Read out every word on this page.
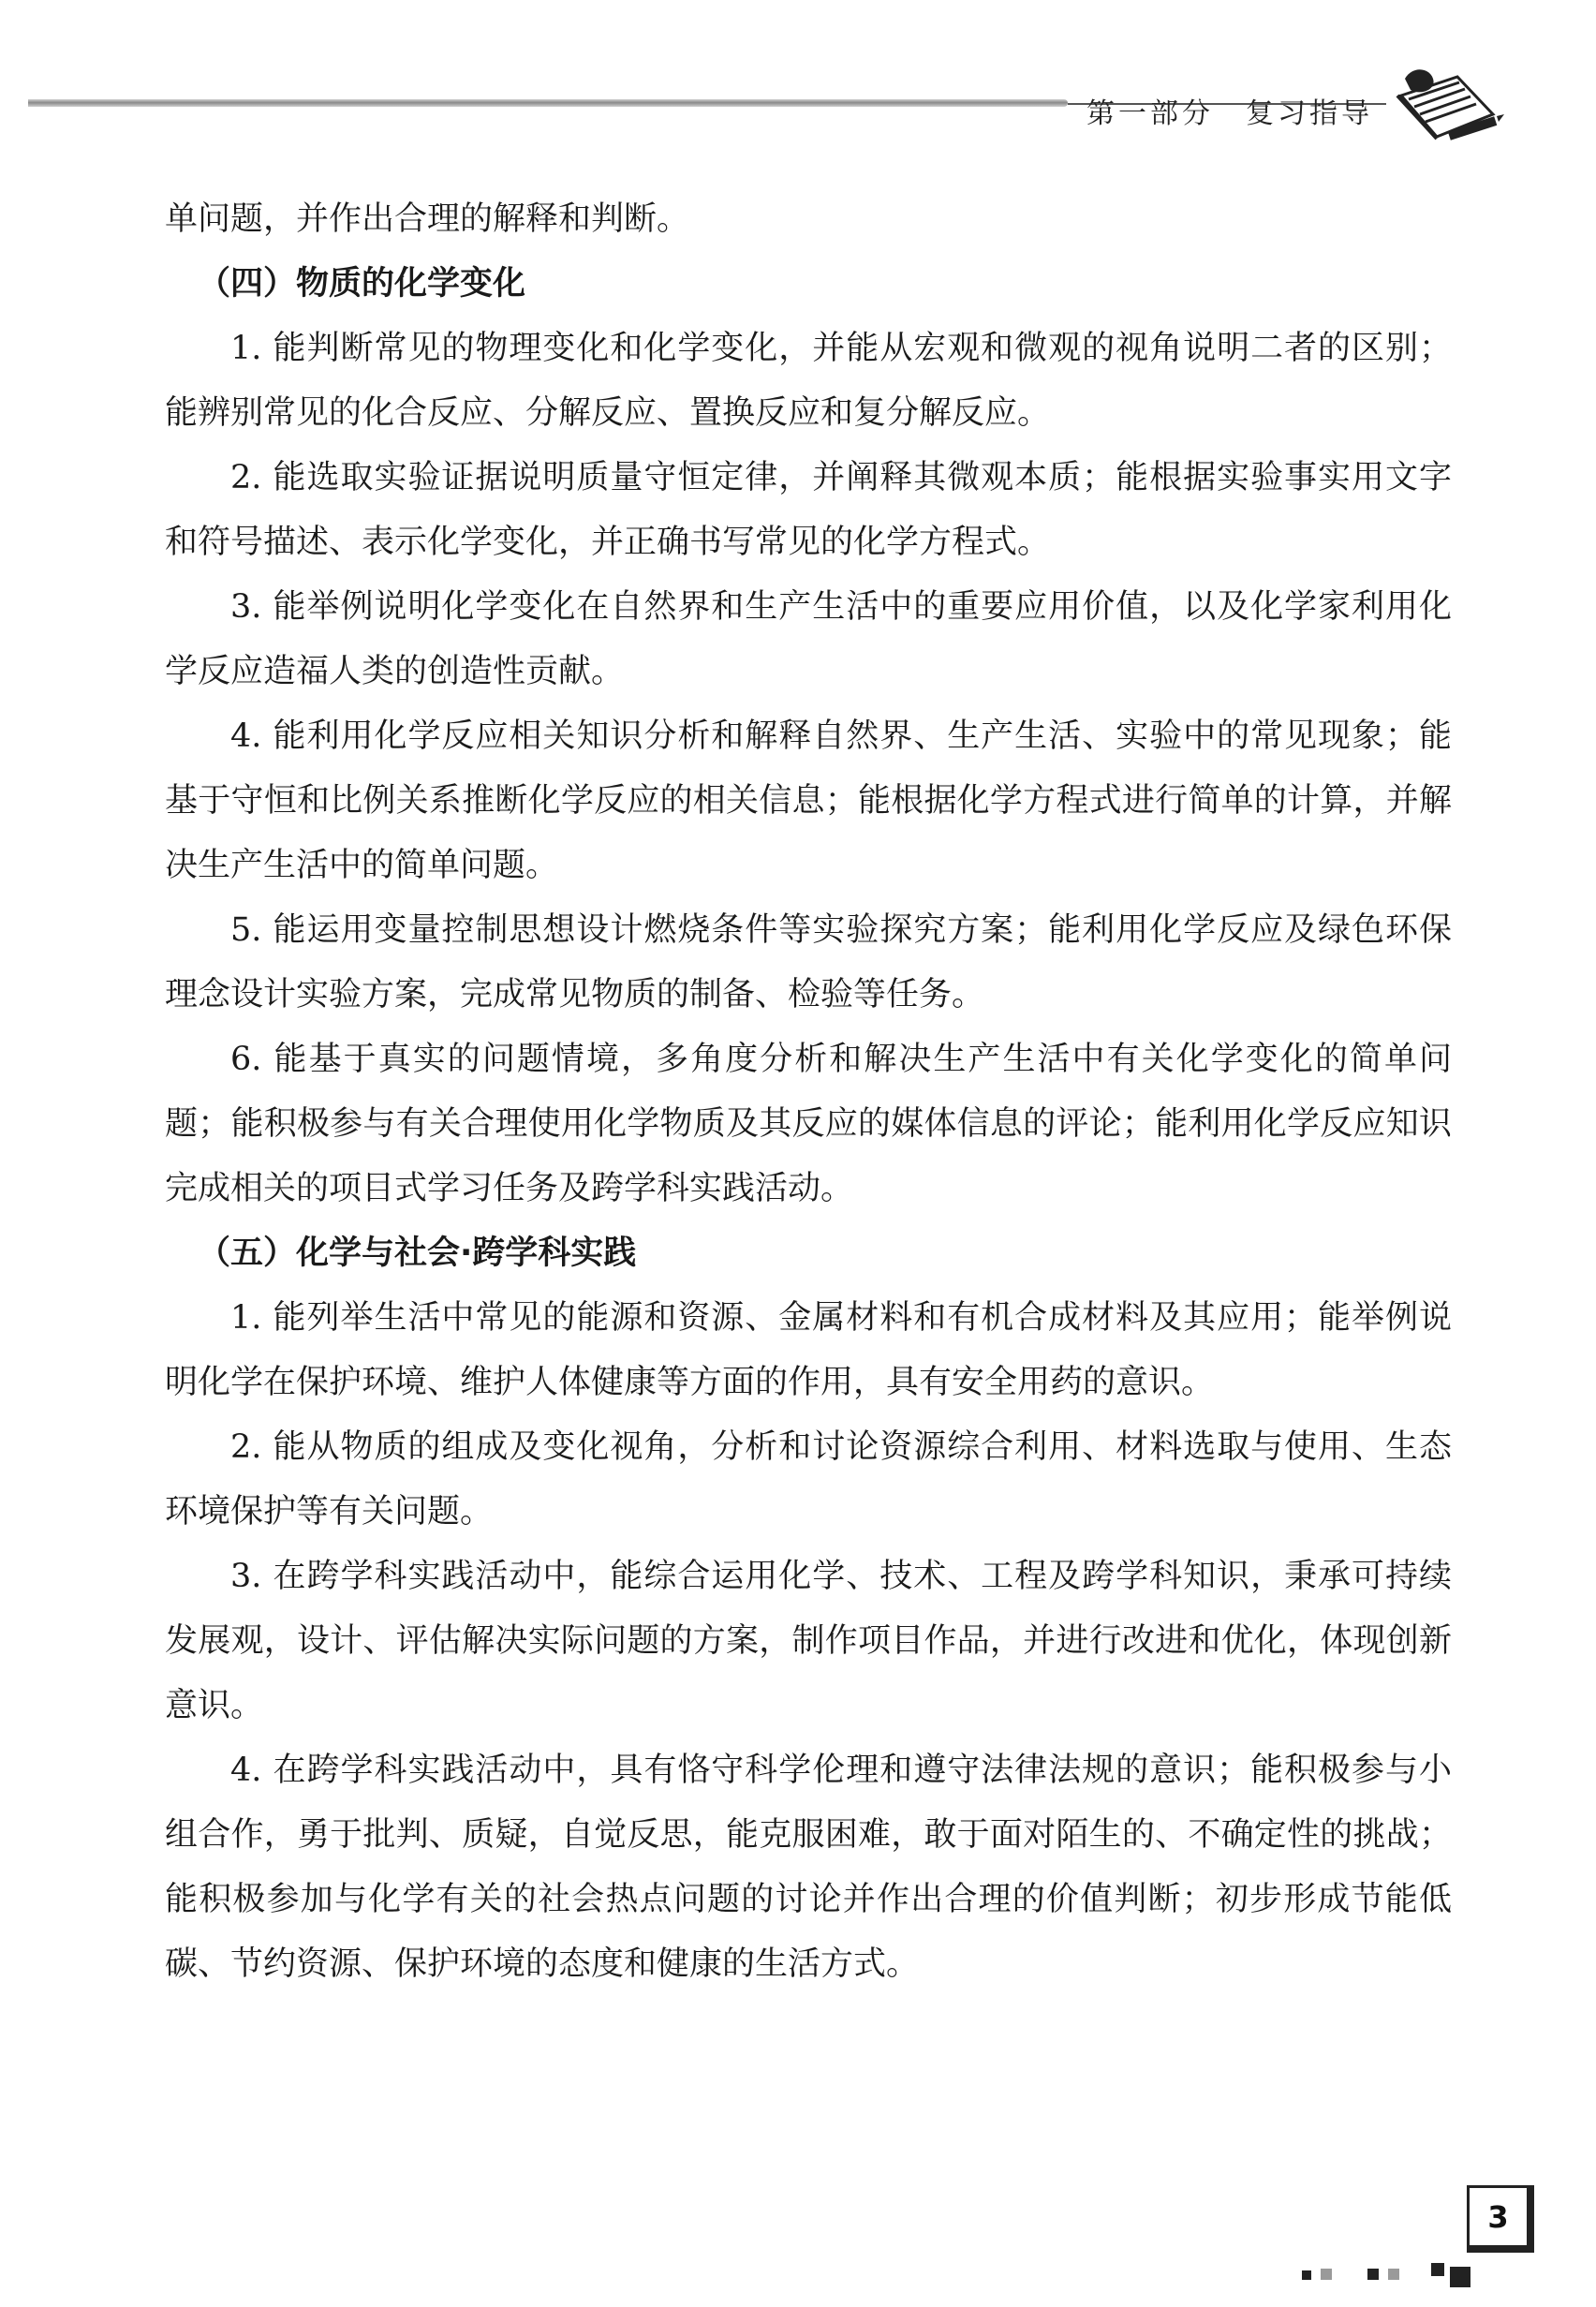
第一部分　复习指导

单问题，并作出合理的解释和判断。

（四）物质的化学变化

1. 能判断常见的物理变化和化学变化，并能从宏观和微观的视角说明二者的区别；能辨别常见的化合反应、分解反应、置换反应和复分解反应。

2. 能选取实验证据说明质量守恒定律，并阐释其微观本质；能根据实验事实用文字和符号描述、表示化学变化，并正确书写常见的化学方程式。

3. 能举例说明化学变化在自然界和生产生活中的重要应用价值，以及化学家利用化学反应造福人类的创造性贡献。

4. 能利用化学反应相关知识分析和解释自然界、生产生活、实验中的常见现象；能基于守恒和比例关系推断化学反应的相关信息；能根据化学方程式进行简单的计算，并解决生产生活中的简单问题。

5. 能运用变量控制思想设计燃烧条件等实验探究方案；能利用化学反应及绿色环保理念设计实验方案，完成常见物质的制备、检验等任务。

6. 能基于真实的问题情境，多角度分析和解决生产生活中有关化学变化的简单问题；能积极参与有关合理使用化学物质及其反应的媒体信息的评论；能利用化学反应知识完成相关的项目式学习任务及跨学科实践活动。

（五）化学与社会·跨学科实践

1. 能列举生活中常见的能源和资源、金属材料和有机合成材料及其应用；能举例说明化学在保护环境、维护人体健康等方面的作用，具有安全用药的意识。

2. 能从物质的组成及变化视角，分析和讨论资源综合利用、材料选取与使用、生态环境保护等有关问题。

3. 在跨学科实践活动中，能综合运用化学、技术、工程及跨学科知识，秉承可持续发展观，设计、评估解决实际问题的方案，制作项目作品，并进行改进和优化，体现创新意识。

4. 在跨学科实践活动中，具有恪守科学伦理和遵守法律法规的意识；能积极参与小组合作，勇于批判、质疑，自觉反思，能克服困难，敢于面对陌生的、不确定性的挑战；能积极参加与化学有关的社会热点问题的讨论并作出合理的价值判断；初步形成节能低碳、节约资源、保护环境的态度和健康的生活方式。

3
